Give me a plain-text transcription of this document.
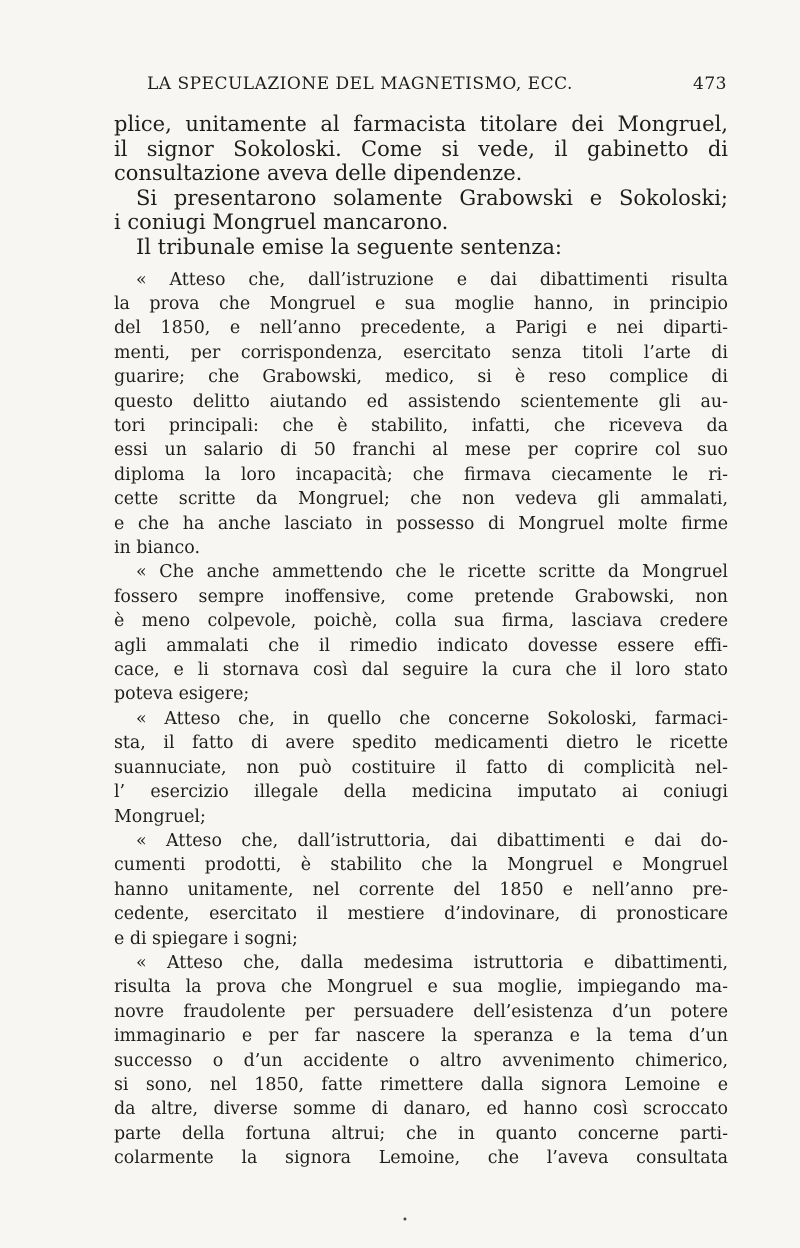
LA SPECULAZIONE DEL MAGNETISMO, ECC.	473

plice, unitamente al farmacista titolare dei Mongruel,

il signor Sokoloski. Come si vede, il gabinetto di

consultazione aveva delle dipendenze.

Si presentarono solamente Grabowski e Sokoloski;

i coniugi Mongruel mancarono.

Il tribunale emise la seguente sentenza:

« Atteso che, dall’istruzione e dai dibattimenti risulta

la prova che Mongruel e sua moglie hanno, in principio

del 1850, e nell’anno precedente, a Parigi e nei diparti-

menti, per corrispondenza, esercitato senza titoli l’arte di

guarire; che Grabowski, medico, si è reso complice di

questo delitto aiutando ed assistendo scientemente gli au-

tori principali: che è stabilito, infatti, che riceveva da

essi un salario di 50 franchi al mese per coprire col suo

diploma la loro incapacità; che firmava ciecamente le ri-

cette scritte da Mongruel; che non vedeva gli ammalati,

e che ha anche lasciato in possesso di Mongruel molte firme

in bianco.

« Che anche ammettendo che le ricette scritte da Mongruel

fossero sempre inoffensive, come pretende Grabowski, non

è meno colpevole, poichè, colla sua firma, lasciava credere

agli ammalati che il rimedio indicato dovesse essere effi-

cace, e li stornava così dal seguire la cura che il loro stato

poteva esigere;

« Atteso che, in quello che concerne Sokoloski, farmaci-

sta, il fatto di avere spedito medicamenti dietro le ricette

suannuciate, non può costituire il fatto di complicità nel-

l’ esercizio illegale della medicina imputato ai coniugi

Mongruel;

« Atteso che, dall’istruttoria, dai dibattimenti e dai do-

cumenti prodotti, è stabilito che la Mongruel e Mongruel

hanno unitamente, nel corrente del 1850 e nell’anno pre-

cedente, esercitato il mestiere d’indovinare, di pronosticare

e di spiegare i sogni;

« Atteso che, dalla medesima istruttoria e dibattimenti,

risulta la prova che Mongruel e sua moglie, impiegando ma-

novre fraudolente per persuadere dell’esistenza d’un potere

immaginario e per far nascere la speranza e la tema d’un

successo o d’un accidente o altro avvenimento chimerico,

si sono, nel 1850, fatte rimettere dalla signora Lemoine e

da altre, diverse somme di danaro, ed hanno così scroccato

parte della fortuna altrui; che in quanto concerne parti-

colarmente la signora Lemoine, che l’aveva consultata

•
